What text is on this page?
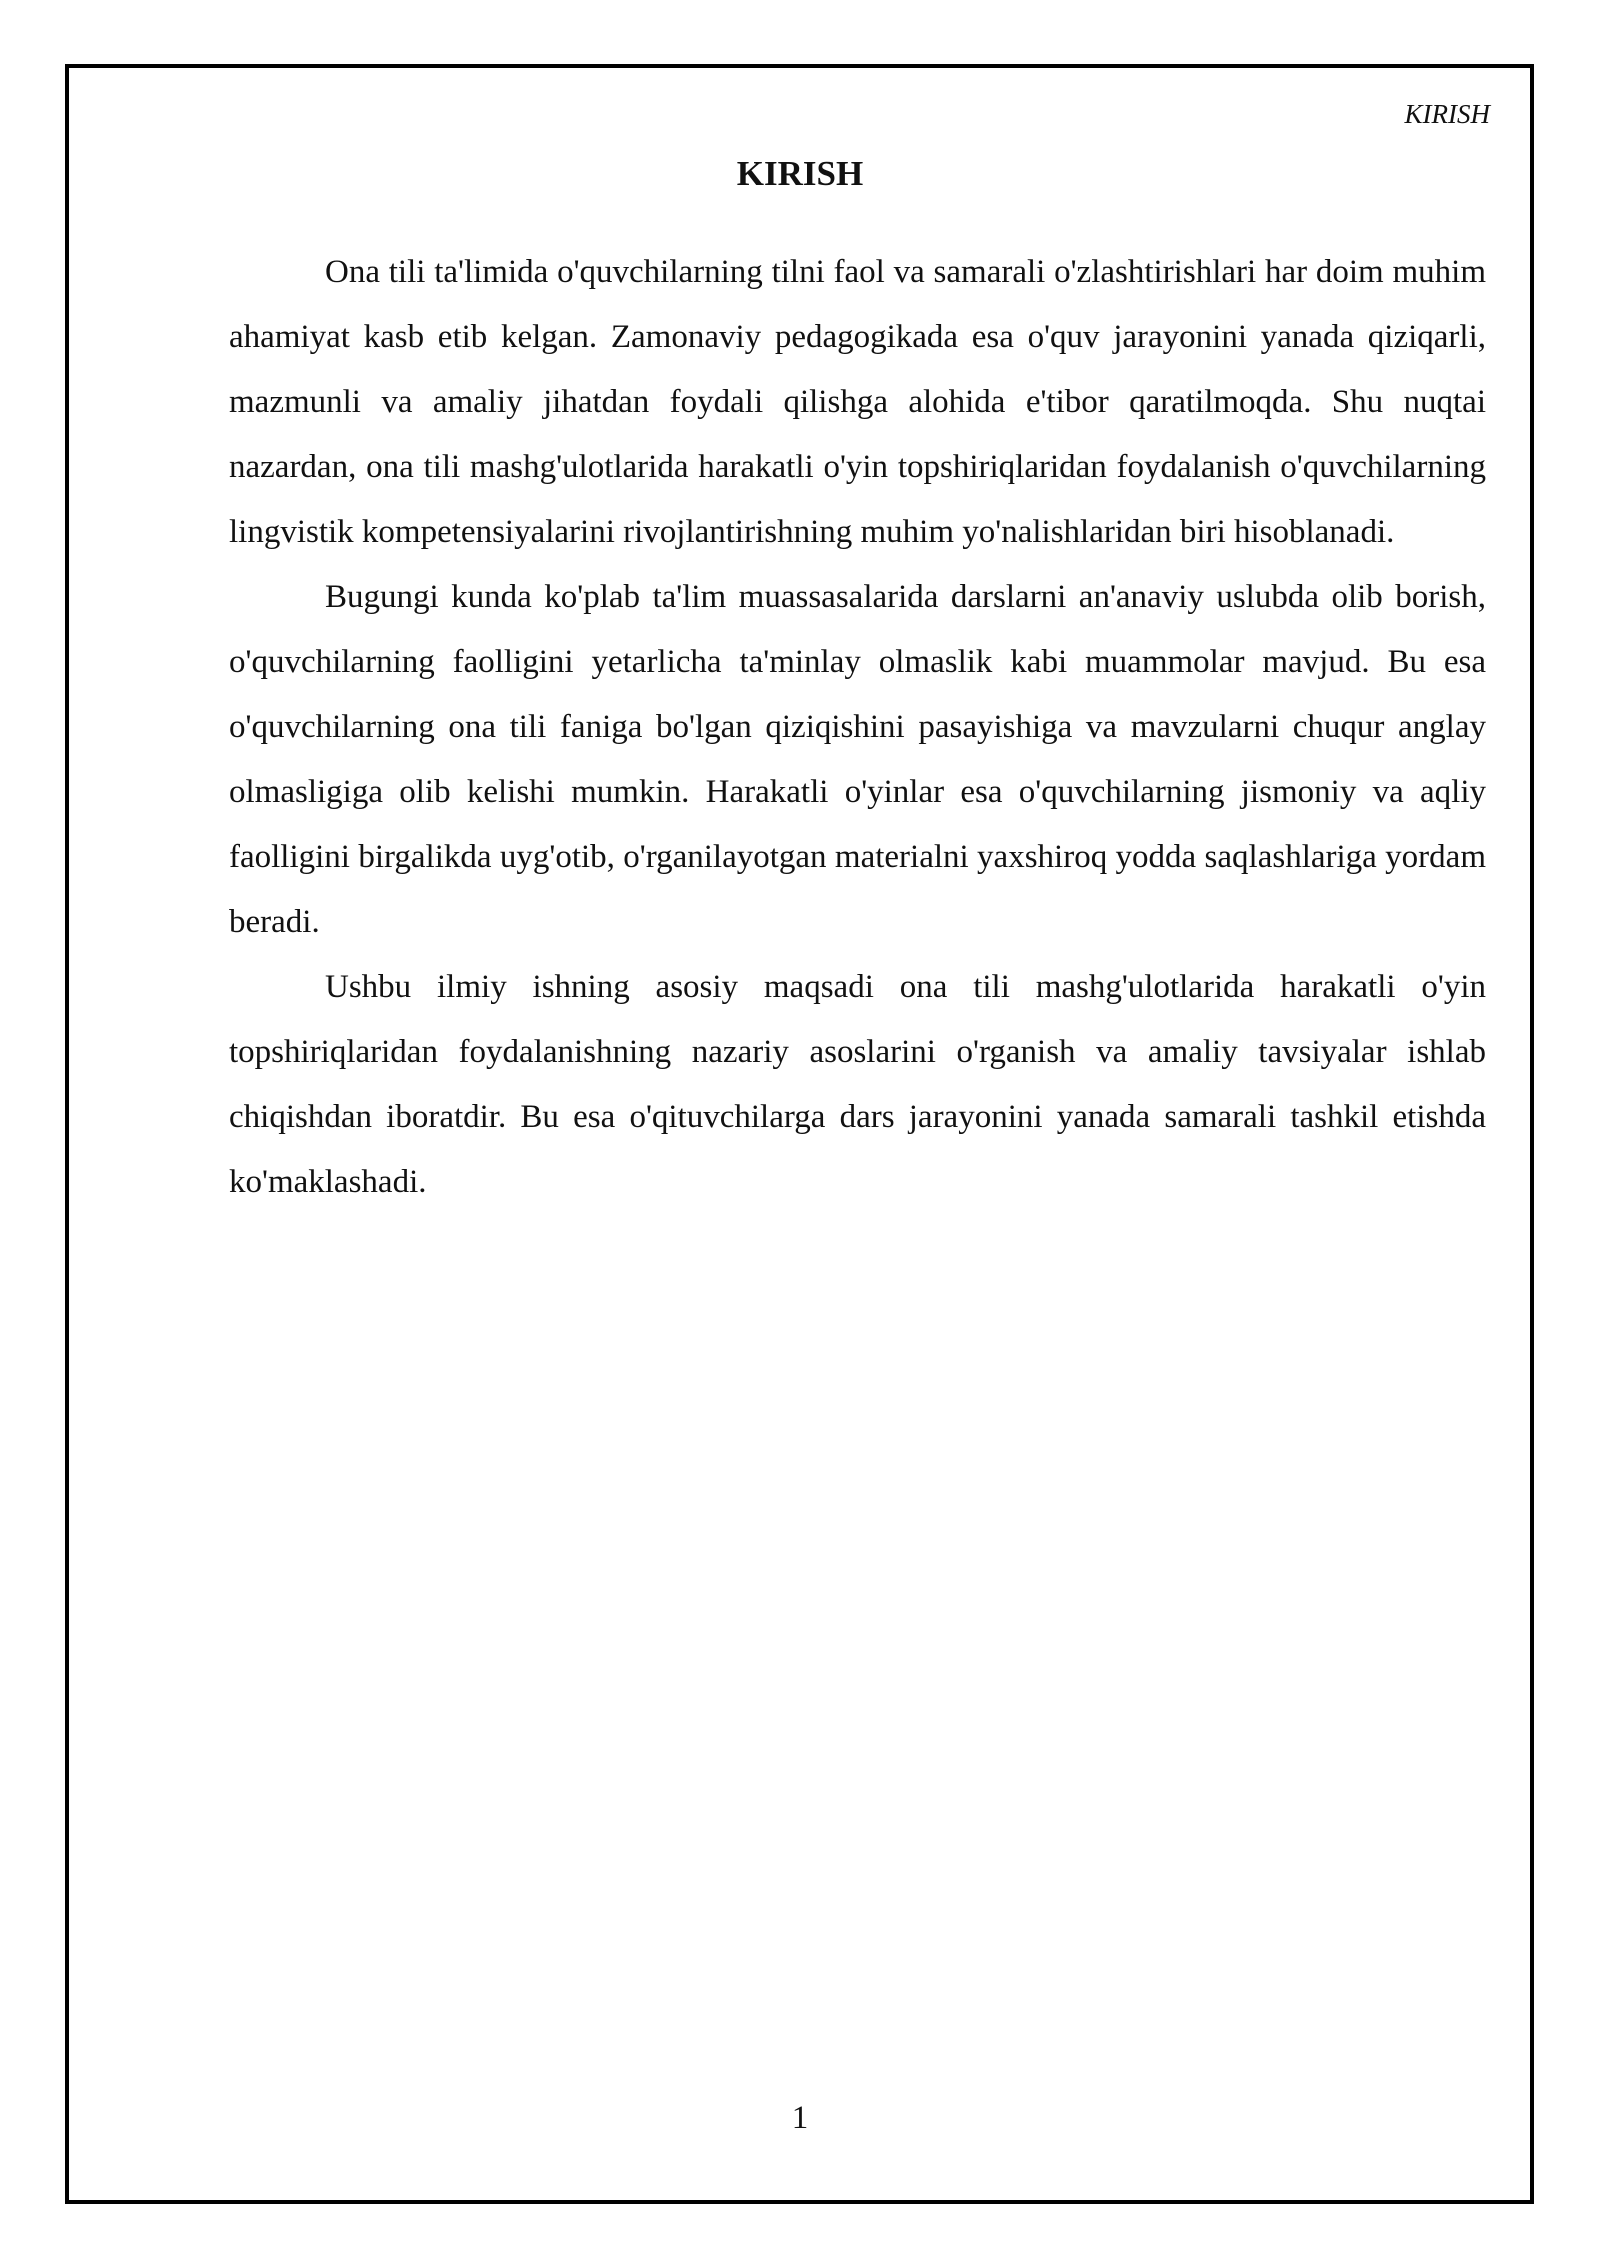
KIRISH
KIRISH

Ona tili ta'limida o'quvchilarning tilni faol va samarali o'zlashtirishlari har doim muhim ahamiyat kasb etib kelgan. Zamonaviy pedagogikada esa o'quv jarayonini yanada qiziqarli, mazmunli va amaliy jihatdan foydali qilishga alohida e'tibor qaratilmoqda. Shu nuqtai nazardan, ona tili mashg'ulotlarida harakatli o'yin topshiriqlaridan foydalanish o'quvchilarning lingvistik kompetensiyalarini rivojlantirishning muhim yo'nalishlaridan biri hisoblanadi.

Bugungi kunda ko'plab ta'lim muassasalarida darslarni an'anaviy uslubda olib borish, o'quvchilarning faolligini yetarlicha ta'minlay olmaslik kabi muammolar mavjud. Bu esa o'quvchilarning ona tili faniga bo'lgan qiziqishini pasayishiga va mavzularni chuqur anglay olmasligiga olib kelishi mumkin. Harakatli o'yinlar esa o'quvchilarning jismoniy va aqliy faolligini birgalikda uyg'otib, o'rganilayotgan materialni yaxshiroq yodda saqlashlariga yordam beradi.

Ushbu ilmiy ishning asosiy maqsadi ona tili mashg'ulotlarida harakatli o'yin topshiriqlaridan foydalanishning nazariy asoslarini o'rganish va amaliy tavsiyalar ishlab chiqishdan iboratdir. Bu esa o'qituvchilarga dars jarayonini yanada samarali tashkil etishda ko'maklashadi.

1
